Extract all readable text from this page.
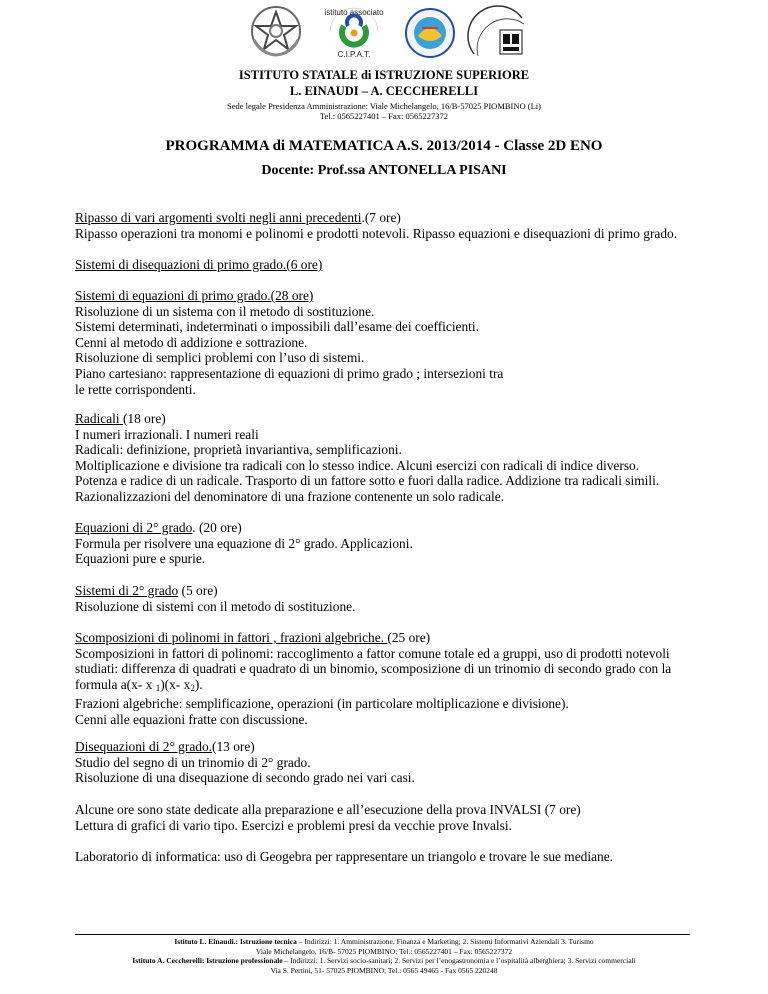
istituto associato
C.I.P.A.T.
ISTITUTO STATALE di ISTRUZIONE SUPERIORE
L. EINAUDI – A. CECCHERELLI
Sede legale Presidenza Amministrazione: Viale Michelangelo, 16/B-57025 PIOMBINO (Li)
Tel.: 0565227401 – Fax: 0565227372
PROGRAMMA di MATEMATICA A.S. 2013/2014 - Classe 2D ENO
Docente: Prof.ssa ANTONELLA PISANI

Ripasso di vari argomenti svolti negli anni precedenti.(7 ore)

Ripasso operazioni tra monomi e polinomi e prodotti notevoli. Ripasso equazioni e disequazioni di primo grado.

Sistemi di disequazioni di primo grado.(6 ore)

Sistemi di equazioni di primo grado.(28 ore)

Risoluzione di un sistema con il metodo di sostituzione.

Sistemi determinati, indeterminati o impossibili dall’esame dei coefficienti.

Cenni al metodo di addizione e sottrazione.

Risoluzione di semplici problemi con l’uso di sistemi.

Piano cartesiano: rappresentazione di equazioni di primo grado ; intersezioni tra

le rette corrispondenti.

Radicali (18 ore)

I numeri irrazionali. I numeri reali

Radicali: definizione, proprietà invariantiva, semplificazioni.

Moltiplicazione e divisione tra radicali con lo stesso indice. Alcuni esercizi con radicali di indice diverso.

Potenza e radice di un radicale. Trasporto di un fattore sotto e fuori dalla radice. Addizione tra radicali simili.

Razionalizzazioni del denominatore di una frazione contenente un solo radicale.

Equazioni di 2° grado. (20 ore)

Formula per risolvere una equazione di 2° grado. Applicazioni.

Equazioni pure e spurie.

Sistemi di 2° grado (5 ore)

Risoluzione di sistemi con il metodo di sostituzione.

Scomposizioni di polinomi in fattori , frazioni algebriche. (25 ore)

Scomposizioni in fattori di polinomi: raccoglimento a fattor comune totale ed a gruppi, uso di prodotti notevoli

studiati: differenza di quadrati e quadrato di un binomio, scomposizione di un trinomio di secondo grado con la

formula a(x- x $_1$)(x- $x_2$).

Frazioni algebriche: semplificazione, operazioni (in particolare moltiplicazione e divisione).

Cenni alle equazioni fratte con discussione.

Disequazioni di 2° grado.(13 ore)

Studio del segno di un trinomio di 2° grado.

Risoluzione di una disequazione di secondo grado nei vari casi.

Alcune ore sono state dedicate alla preparazione e all’esecuzione della prova INVALSI (7 ore)

Lettura di grafici di vario tipo. Esercizi e problemi presi da vecchie prove Invalsi.

Laboratorio di informatica: uso di Geogebra per rappresentare un triangolo e trovare le sue mediane.

Istituto L. Einaudi.: Istruzione tecnica – Indirizzi: 1. Amministrazione, Finanza e Marketing; 2. Sistemi Informativi Aziendali 3. Turismo

Viale Michelangelo, 16/B- 57025 PIOMBINO; Tel.: 0565227401 – Fax: 0565227372

Istituto A. Ceccherelli: Istruzione professionale – Indirizzi: 1. Servizi socio-sanitari; 2. Servizi per l’enogastronomia e l’ospitalità alberghiera; 3. Servizi commerciali

Via S. Pertini, 51- 57025 PIOMBINO; Tel.: 0565 49465 - Fax 0565 220248
